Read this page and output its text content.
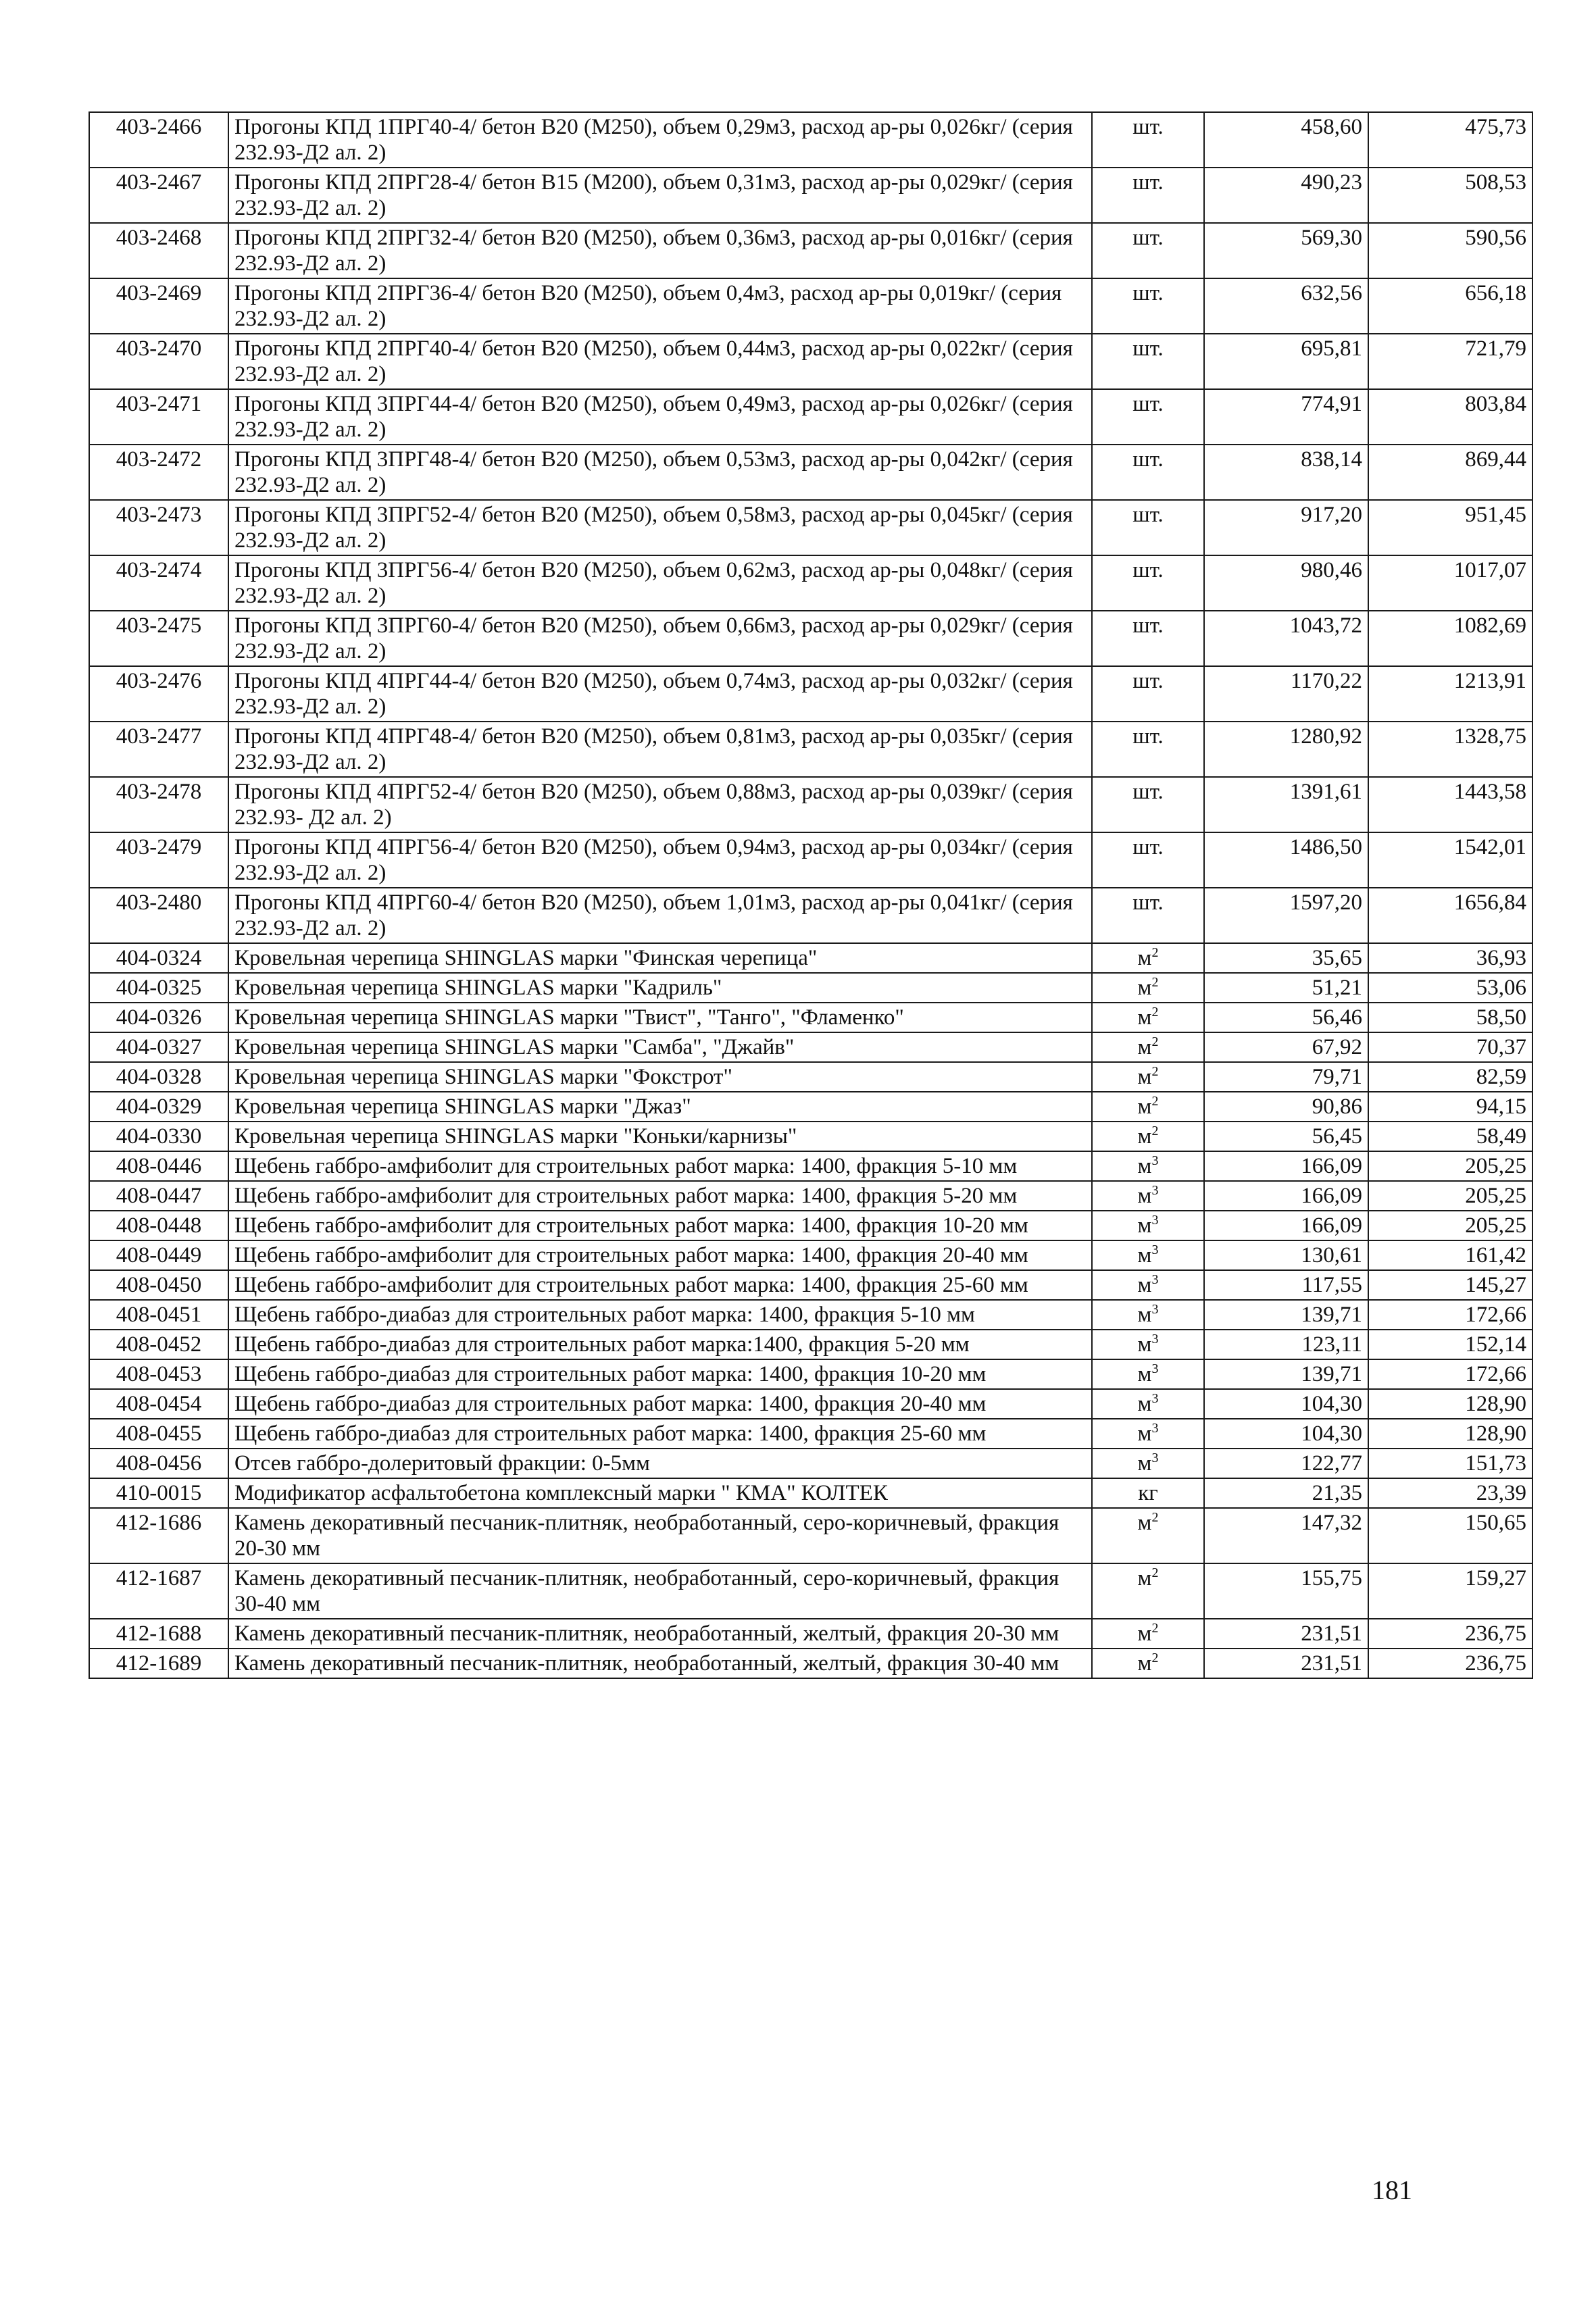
403-2466	Прогоны КПД 1ПРГ40-4/ бетон В20 (М250), объем 0,29м3, расход ар-ры 0,026кг/ (серия 232.93-Д2 ал. 2)	шт.	458,60	475,73
403-2467	Прогоны КПД 2ПРГ28-4/ бетон В15 (М200), объем 0,31м3, расход ар-ры 0,029кг/ (серия 232.93-Д2 ал. 2)	шт.	490,23	508,53
403-2468	Прогоны КПД 2ПРГ32-4/ бетон В20 (М250), объем 0,36м3, расход ар-ры 0,016кг/ (серия 232.93-Д2 ал. 2)	шт.	569,30	590,56
403-2469	Прогоны КПД 2ПРГ36-4/ бетон В20 (М250), объем 0,4м3, расход ар-ры 0,019кг/ (серия 232.93-Д2 ал. 2)	шт.	632,56	656,18
403-2470	Прогоны КПД 2ПРГ40-4/ бетон В20 (М250), объем 0,44м3, расход ар-ры 0,022кг/ (серия 232.93-Д2 ал. 2)	шт.	695,81	721,79
403-2471	Прогоны КПД 3ПРГ44-4/ бетон В20 (М250), объем 0,49м3, расход ар-ры 0,026кг/ (серия 232.93-Д2 ал. 2)	шт.	774,91	803,84
403-2472	Прогоны КПД 3ПРГ48-4/ бетон В20 (М250), объем 0,53м3, расход ар-ры 0,042кг/ (серия 232.93-Д2 ал. 2)	шт.	838,14	869,44
403-2473	Прогоны КПД 3ПРГ52-4/ бетон В20 (М250), объем 0,58м3, расход ар-ры 0,045кг/ (серия 232.93-Д2 ал. 2)	шт.	917,20	951,45
403-2474	Прогоны КПД 3ПРГ56-4/ бетон В20 (М250), объем 0,62м3, расход ар-ры 0,048кг/ (серия 232.93-Д2 ал. 2)	шт.	980,46	1017,07
403-2475	Прогоны КПД 3ПРГ60-4/ бетон В20 (М250), объем 0,66м3, расход ар-ры 0,029кг/ (серия 232.93-Д2 ал. 2)	шт.	1043,72	1082,69
403-2476	Прогоны КПД 4ПРГ44-4/ бетон В20 (М250), объем 0,74м3, расход ар-ры 0,032кг/ (серия 232.93-Д2 ал. 2)	шт.	1170,22	1213,91
403-2477	Прогоны КПД 4ПРГ48-4/ бетон В20 (М250), объем 0,81м3, расход ар-ры 0,035кг/ (серия 232.93-Д2 ал. 2)	шт.	1280,92	1328,75
403-2478	Прогоны КПД 4ПРГ52-4/ бетон В20 (М250), объем 0,88м3, расход ар-ры 0,039кг/ (серия 232.93- Д2 ал. 2)	шт.	1391,61	1443,58
403-2479	Прогоны КПД 4ПРГ56-4/ бетон В20 (М250), объем 0,94м3, расход ар-ры 0,034кг/ (серия 232.93-Д2 ал. 2)	шт.	1486,50	1542,01
403-2480	Прогоны КПД 4ПРГ60-4/ бетон В20 (М250), объем 1,01м3, расход ар-ры 0,041кг/ (серия 232.93-Д2 ал. 2)	шт.	1597,20	1656,84
404-0324	Кровельная черепица SHINGLAS марки "Финская черепица"	$м^2$	35,65	36,93
404-0325	Кровельная черепица SHINGLAS марки "Кадриль"	$м^2$	51,21	53,06
404-0326	Кровельная черепица SHINGLAS марки "Твист", "Танго", "Фламенко"	$м^2$	56,46	58,50
404-0327	Кровельная черепица SHINGLAS марки "Самба", "Джайв"	$м^2$	67,92	70,37
404-0328	Кровельная черепица SHINGLAS марки "Фокстрот"	$м^2$	79,71	82,59
404-0329	Кровельная черепица SHINGLAS марки "Джаз"	$м^2$	90,86	94,15
404-0330	Кровельная черепица SHINGLAS марки "Коньки/карнизы"	$м^2$	56,45	58,49
408-0446	Щебень габбро-амфиболит для строительных работ марка: 1400, фракция 5-10 мм	$м^3$	166,09	205,25
408-0447	Щебень габбро-амфиболит для строительных работ марка: 1400, фракция 5-20 мм	$м^3$	166,09	205,25
408-0448	Щебень габбро-амфиболит для строительных работ марка: 1400, фракция 10-20 мм	$м^3$	166,09	205,25
408-0449	Щебень габбро-амфиболит для строительных работ марка: 1400, фракция 20-40 мм	$м^3$	130,61	161,42
408-0450	Щебень габбро-амфиболит для строительных работ марка: 1400, фракция 25-60 мм	$м^3$	117,55	145,27
408-0451	Щебень габбро-диабаз для строительных работ марка: 1400, фракция 5-10 мм	$м^3$	139,71	172,66
408-0452	Щебень габбро-диабаз для строительных работ марка:1400, фракция 5-20 мм	$м^3$	123,11	152,14
408-0453	Щебень габбро-диабаз для строительных работ марка: 1400, фракция 10-20 мм	$м^3$	139,71	172,66
408-0454	Щебень габбро-диабаз для строительных работ марка: 1400, фракция 20-40 мм	$м^3$	104,30	128,90
408-0455	Щебень габбро-диабаз для строительных работ марка: 1400, фракция 25-60 мм	$м^3$	104,30	128,90
408-0456	Отсев габбро-долеритовый фракции: 0-5мм	$м^3$	122,77	151,73
410-0015	Модификатор асфальтобетона комплексный марки " КМА" КОЛТЕК	кг	21,35	23,39
412-1686	Камень декоративный песчаник-плитняк, необработанный, серо-коричневый, фракция 20-30 мм	$м^2$	147,32	150,65
412-1687	Камень декоративный песчаник-плитняк, необработанный, серо-коричневый, фракция 30-40 мм	$м^2$	155,75	159,27
412-1688	Камень декоративный песчаник-плитняк, необработанный, желтый, фракция 20-30 мм	$м^2$	231,51	236,75
412-1689	Камень декоративный песчаник-плитняк, необработанный, желтый, фракция 30-40 мм	$м^2$	231,51	236,75
181
